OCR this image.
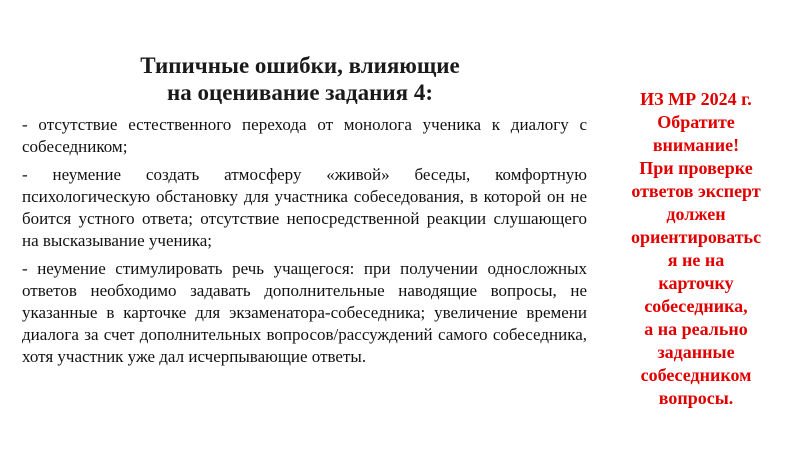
Типичные ошибки, влияющие
на оценивание задания 4:

- отсутствие естественного перехода от монолога ученика к диалогу с собеседником;

- неумение создать атмосферу «живой» беседы, комфортную психологическую обстановку для участника собеседования, в которой он не боится устного ответа; отсутствие непосредственной реакции слушающего на высказывание ученика;

- неумение стимулировать речь учащегося: при получении односложных ответов необходимо задавать дополнительные наводящие вопросы, не указанные в карточке для экзаменатора-собеседника; увеличение времени диалога за счет дополнительных вопросов/рассуждений самого собеседника, хотя участник уже дал исчерпывающие ответы.

ИЗ МР 2024 г.
Обратите
внимание!
При проверке
ответов эксперт
должен
ориентироватьс
я не на
карточку
собеседника,
а на реально
заданные
собеседником
вопросы.
